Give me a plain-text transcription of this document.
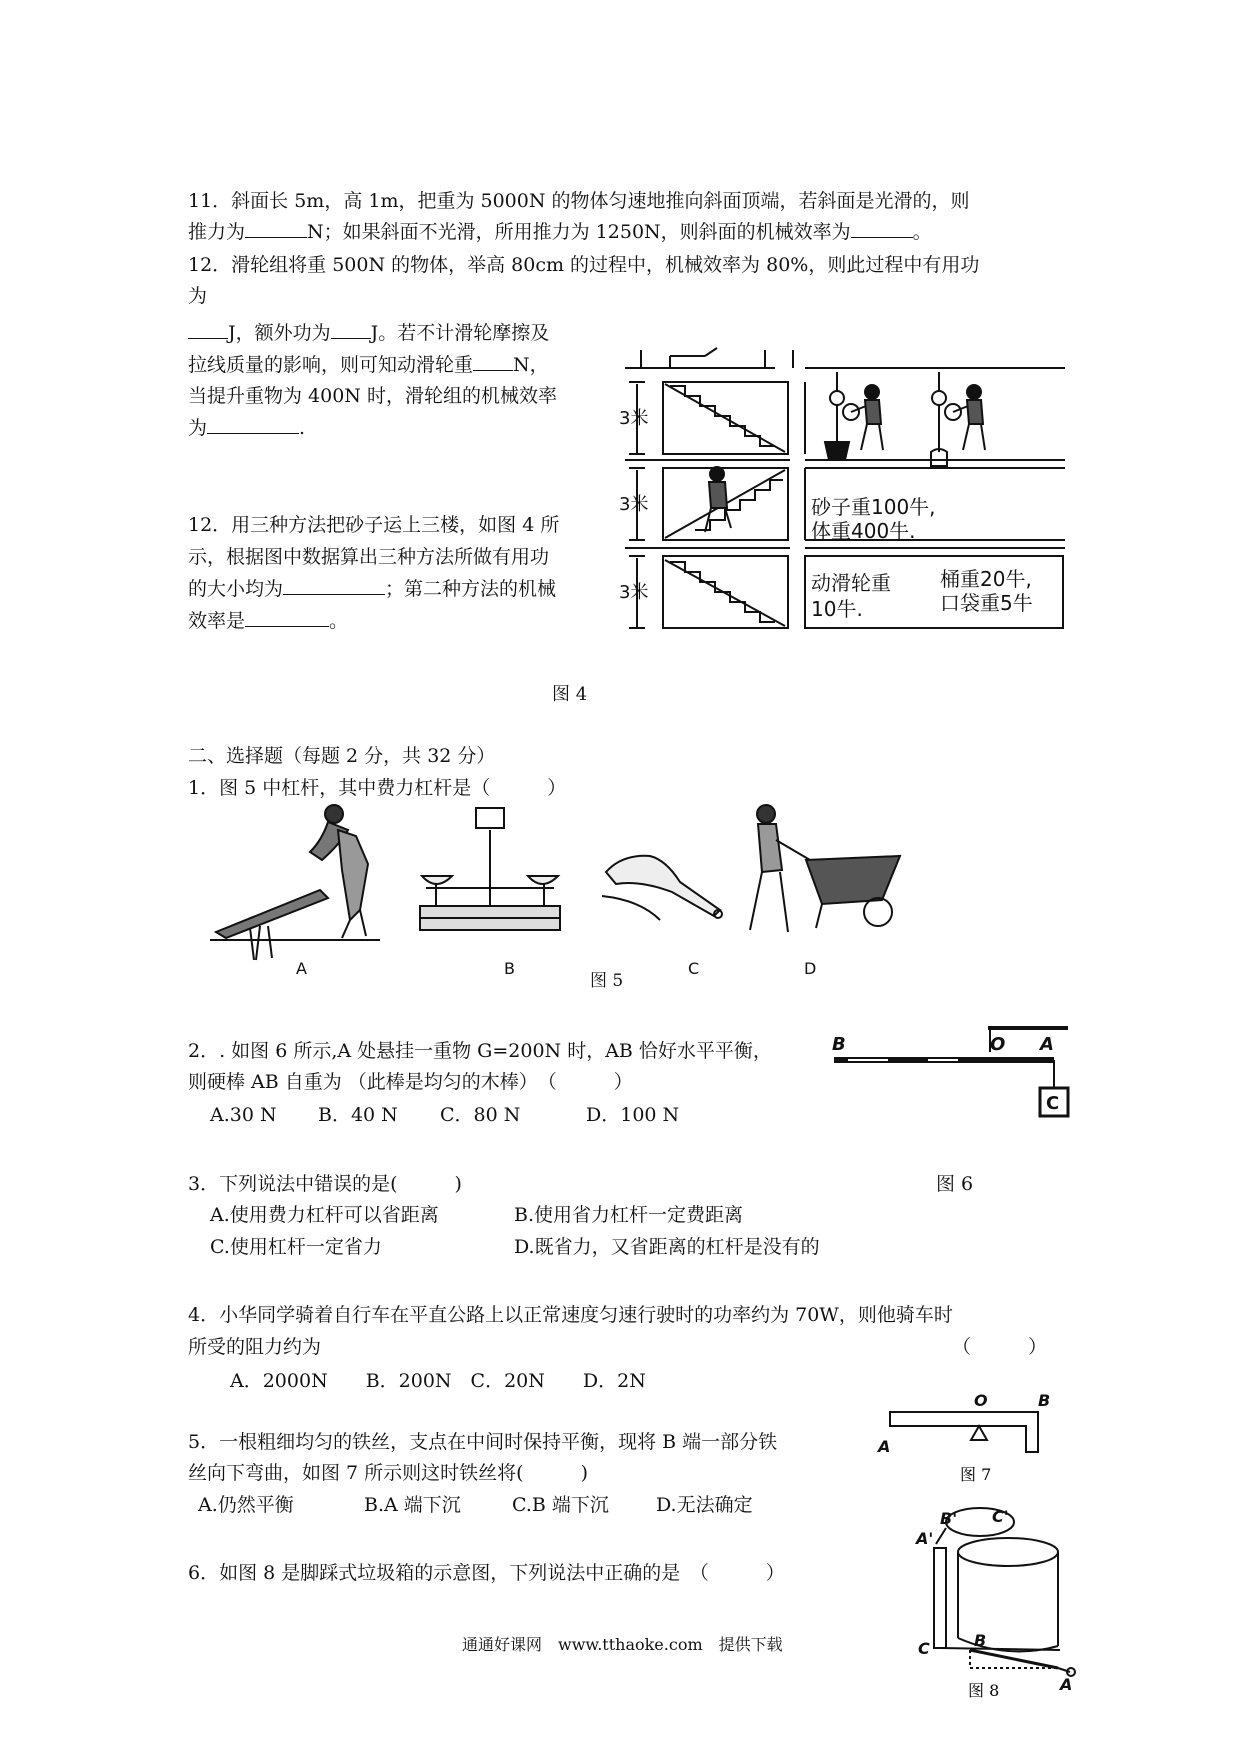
11．斜面长 5m，高 1m，把重为 5000N 的物体匀速地推向斜面顶端，若斜面是光滑的，则
推力为	N；如果斜面不光滑，所用推力为 1250N，则斜面的机械效率为	。
12．滑轮组将重 500N 的物体，举高 80cm 的过程中，机械效率为 80%，则此过程中有用功
为
J，额外功为 J。若不计滑轮摩擦及
拉线质量的影响，则可知动滑轮重 N，
当提升重物为 400N 时，滑轮组的机械效率
为	.
12．用三种方法把砂子运上三楼，如图 4 所
示，根据图中数据算出三种方法所做有用功
的大小均为	；第二种方法的机械
效率是	。
3米
3米
3米
砂子重100牛,
体重400牛.
动滑轮重
10牛.
桶重20牛,
口袋重5牛
图 4
二、选择题（每题 2 分，共 32 分）
1．图 5 中杠杆，其中费力杠杆是（　　　）
A	B	C	D
图 5
2．. 如图 6 所示,A 处悬挂一重物 G=200N 时，AB 恰好水平平衡，
则硬棒 AB 自重为 （此棒是均匀的木棒）　（　　　）
A.30 N B．40 N C．80 N	D．100 N
B	O A
C
3．下列说法中错误的是(　　　)	图 6
A.使用费力杠杆可以省距离	B.使用省力杠杆一定费距离
C.使用杠杆一定省力	D.既省力，又省距离的杠杆是没有的
4．小华同学骑着自行车在平直公路上以正常速度匀速行驶时的功率约为 70W，则他骑车时
所受的阻力约为	（　　　）
A．2000N　　B．200N　C．20N　　D．2N
O
A
B
图 7
5．一根粗细均匀的铁丝，支点在中间时保持平衡，现将 B 端一部分铁
丝向下弯曲，如图 7 所示则这时铁丝将(　　　)
A.仍然平衡	B.A 端下沉	C.B 端下沉 D.无法确定
6．如图 8 是脚踩式垃圾箱的示意图，下列说法中正确的是　（　　　）
A'
B' C'
C	B
A
图 8
通通好课网　www.tthaoke.com　提供下载
